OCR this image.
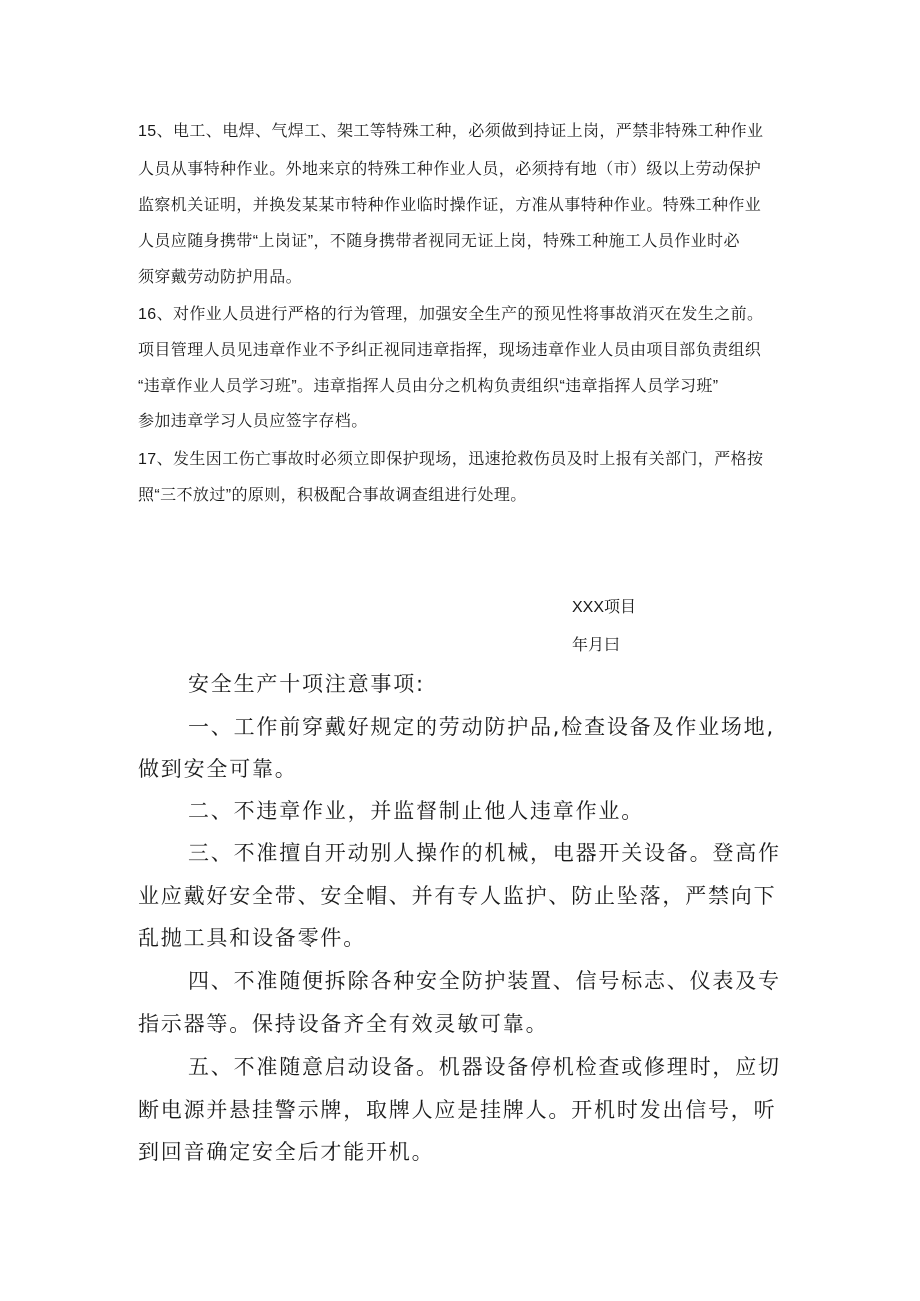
15、电工、电焊、气焊工、架工等特殊工种，必须做到持证上岗，严禁非特殊工种作业
人员从事特种作业。外地来京的特殊工种作业人员，必须持有地（市）级以上劳动保护
监察机关证明，并换发某某市特种作业临时操作证，方准从事特种作业。特殊工种作业
人员应随身携带“上岗证”，不随身携带者视同无证上岗，特殊工种施工人员作业时必
须穿戴劳动防护用品。
16、对作业人员进行严格的行为管理，加强安全生产的预见性将事故消灭在发生之前。
项目管理人员见违章作业不予纠正视同违章指挥，现场违章作业人员由项目部负责组织
“违章作业人员学习班”。违章指挥人员由分之机构负责组织“违章指挥人员学习班”
参加违章学习人员应签字存档。
17、发生因工伤亡事故时必须立即保护现场，迅速抢救伤员及时上报有关部门，严格按
照“三不放过”的原则，积极配合事故调查组进行处理。
XXX项目
年月曰
安全生产十项注意事项:
一、工作前穿戴好规定的劳动防护品,检查设备及作业场地,
做到安全可靠。
二、不违章作业，并监督制止他人违章作业。
三、不准擅自开动别人操作的机械，电器开关设备。登高作
业应戴好安全带、安全帽、并有专人监护、防止坠落，严禁向下
乱抛工具和设备零件。
四、不准随便拆除各种安全防护装置、信号标志、仪表及专
指示器等。保持设备齐全有效灵敏可靠。
五、不准随意启动设备。机器设备停机检查或修理时，应切
断电源并悬挂警示牌，取牌人应是挂牌人。开机时发出信号，听
到回音确定安全后才能开机。
